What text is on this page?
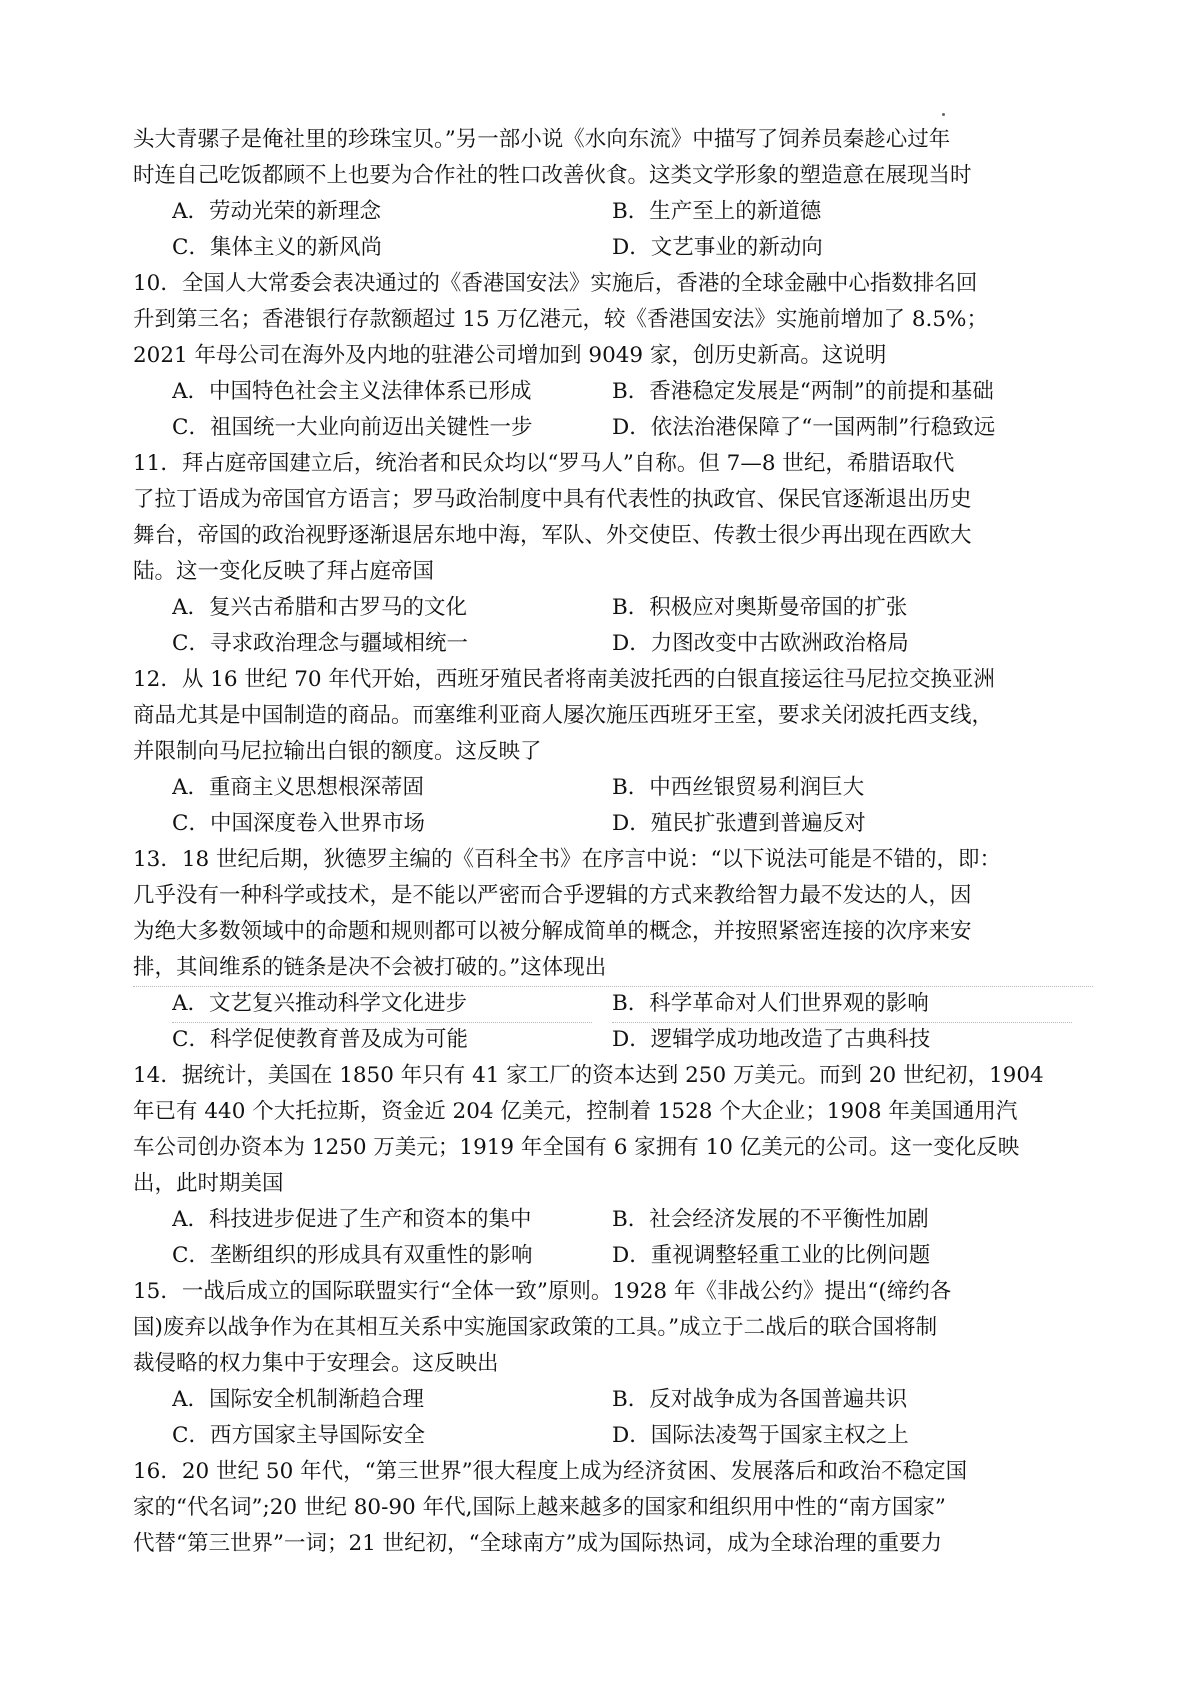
头大青骡子是俺社里的珍珠宝贝。”另一部小说《水向东流》中描写了饲养员秦趁心过年
时连自己吃饭都顾不上也要为合作社的牲口改善伙食。这类文学形象的塑造意在展现当时
A．劳动光荣的新理念	B．生产至上的新道德
C．集体主义的新风尚	D．文艺事业的新动向
10．全国人大常委会表决通过的《香港国安法》实施后，香港的全球金融中心指数排名回
升到第三名；香港银行存款额超过 15 万亿港元，较《香港国安法》实施前增加了 8.5%；
2021 年母公司在海外及内地的驻港公司增加到 9049 家，创历史新高。这说明
A．中国特色社会主义法律体系已形成	B．香港稳定发展是“两制”的前提和基础
C．祖国统一大业向前迈出关键性一步	D．依法治港保障了“一国两制”行稳致远
11．拜占庭帝国建立后，统治者和民众均以“罗马人”自称。但 7—8 世纪，希腊语取代
了拉丁语成为帝国官方语言；罗马政治制度中具有代表性的执政官、保民官逐渐退出历史
舞台，帝国的政治视野逐渐退居东地中海，军队、外交使臣、传教士很少再出现在西欧大
陆。这一变化反映了拜占庭帝国
A．复兴古希腊和古罗马的文化	B．积极应对奥斯曼帝国的扩张
C．寻求政治理念与疆域相统一	D．力图改变中古欧洲政治格局
12．从 16 世纪 70 年代开始，西班牙殖民者将南美波托西的白银直接运往马尼拉交换亚洲
商品尤其是中国制造的商品。而塞维利亚商人屡次施压西班牙王室，要求关闭波托西支线，
并限制向马尼拉输出白银的额度。这反映了
A．重商主义思想根深蒂固	B．中西丝银贸易利润巨大
C．中国深度卷入世界市场	D．殖民扩张遭到普遍反对
13．18 世纪后期，狄德罗主编的《百科全书》在序言中说：“以下说法可能是不错的，即：
几乎没有一种科学或技术，是不能以严密而合乎逻辑的方式来教给智力最不发达的人，因
为绝大多数领域中的命题和规则都可以被分解成简单的概念，并按照紧密连接的次序来安
排，其间维系的链条是决不会被打破的。”这体现出
A．文艺复兴推动科学文化进步	B．科学革命对人们世界观的影响
C．科学促使教育普及成为可能	D．逻辑学成功地改造了古典科技
14．据统计，美国在 1850 年只有 41 家工厂的资本达到 250 万美元。而到 20 世纪初，1904
年已有 440 个大托拉斯，资金近 204 亿美元，控制着 1528 个大企业；1908 年美国通用汽
车公司创办资本为 1250 万美元；1919 年全国有 6 家拥有 10 亿美元的公司。这一变化反映
出，此时期美国
A．科技进步促进了生产和资本的集中	B．社会经济发展的不平衡性加剧
C．垄断组织的形成具有双重性的影响	D．重视调整轻重工业的比例问题
15．一战后成立的国际联盟实行“全体一致”原则。1928 年《非战公约》提出“(缔约各
国)废弃以战争作为在其相互关系中实施国家政策的工具。”成立于二战后的联合国将制
裁侵略的权力集中于安理会。这反映出
A．国际安全机制渐趋合理	B．反对战争成为各国普遍共识
C．西方国家主导国际安全	D．国际法凌驾于国家主权之上
16．20 世纪 50 年代，“第三世界”很大程度上成为经济贫困、发展落后和政治不稳定国
家的“代名词”;20 世纪 80-90 年代,国际上越来越多的国家和组织用中性的“南方国家”
代替“第三世界”一词；21 世纪初，“全球南方”成为国际热词，成为全球治理的重要力
